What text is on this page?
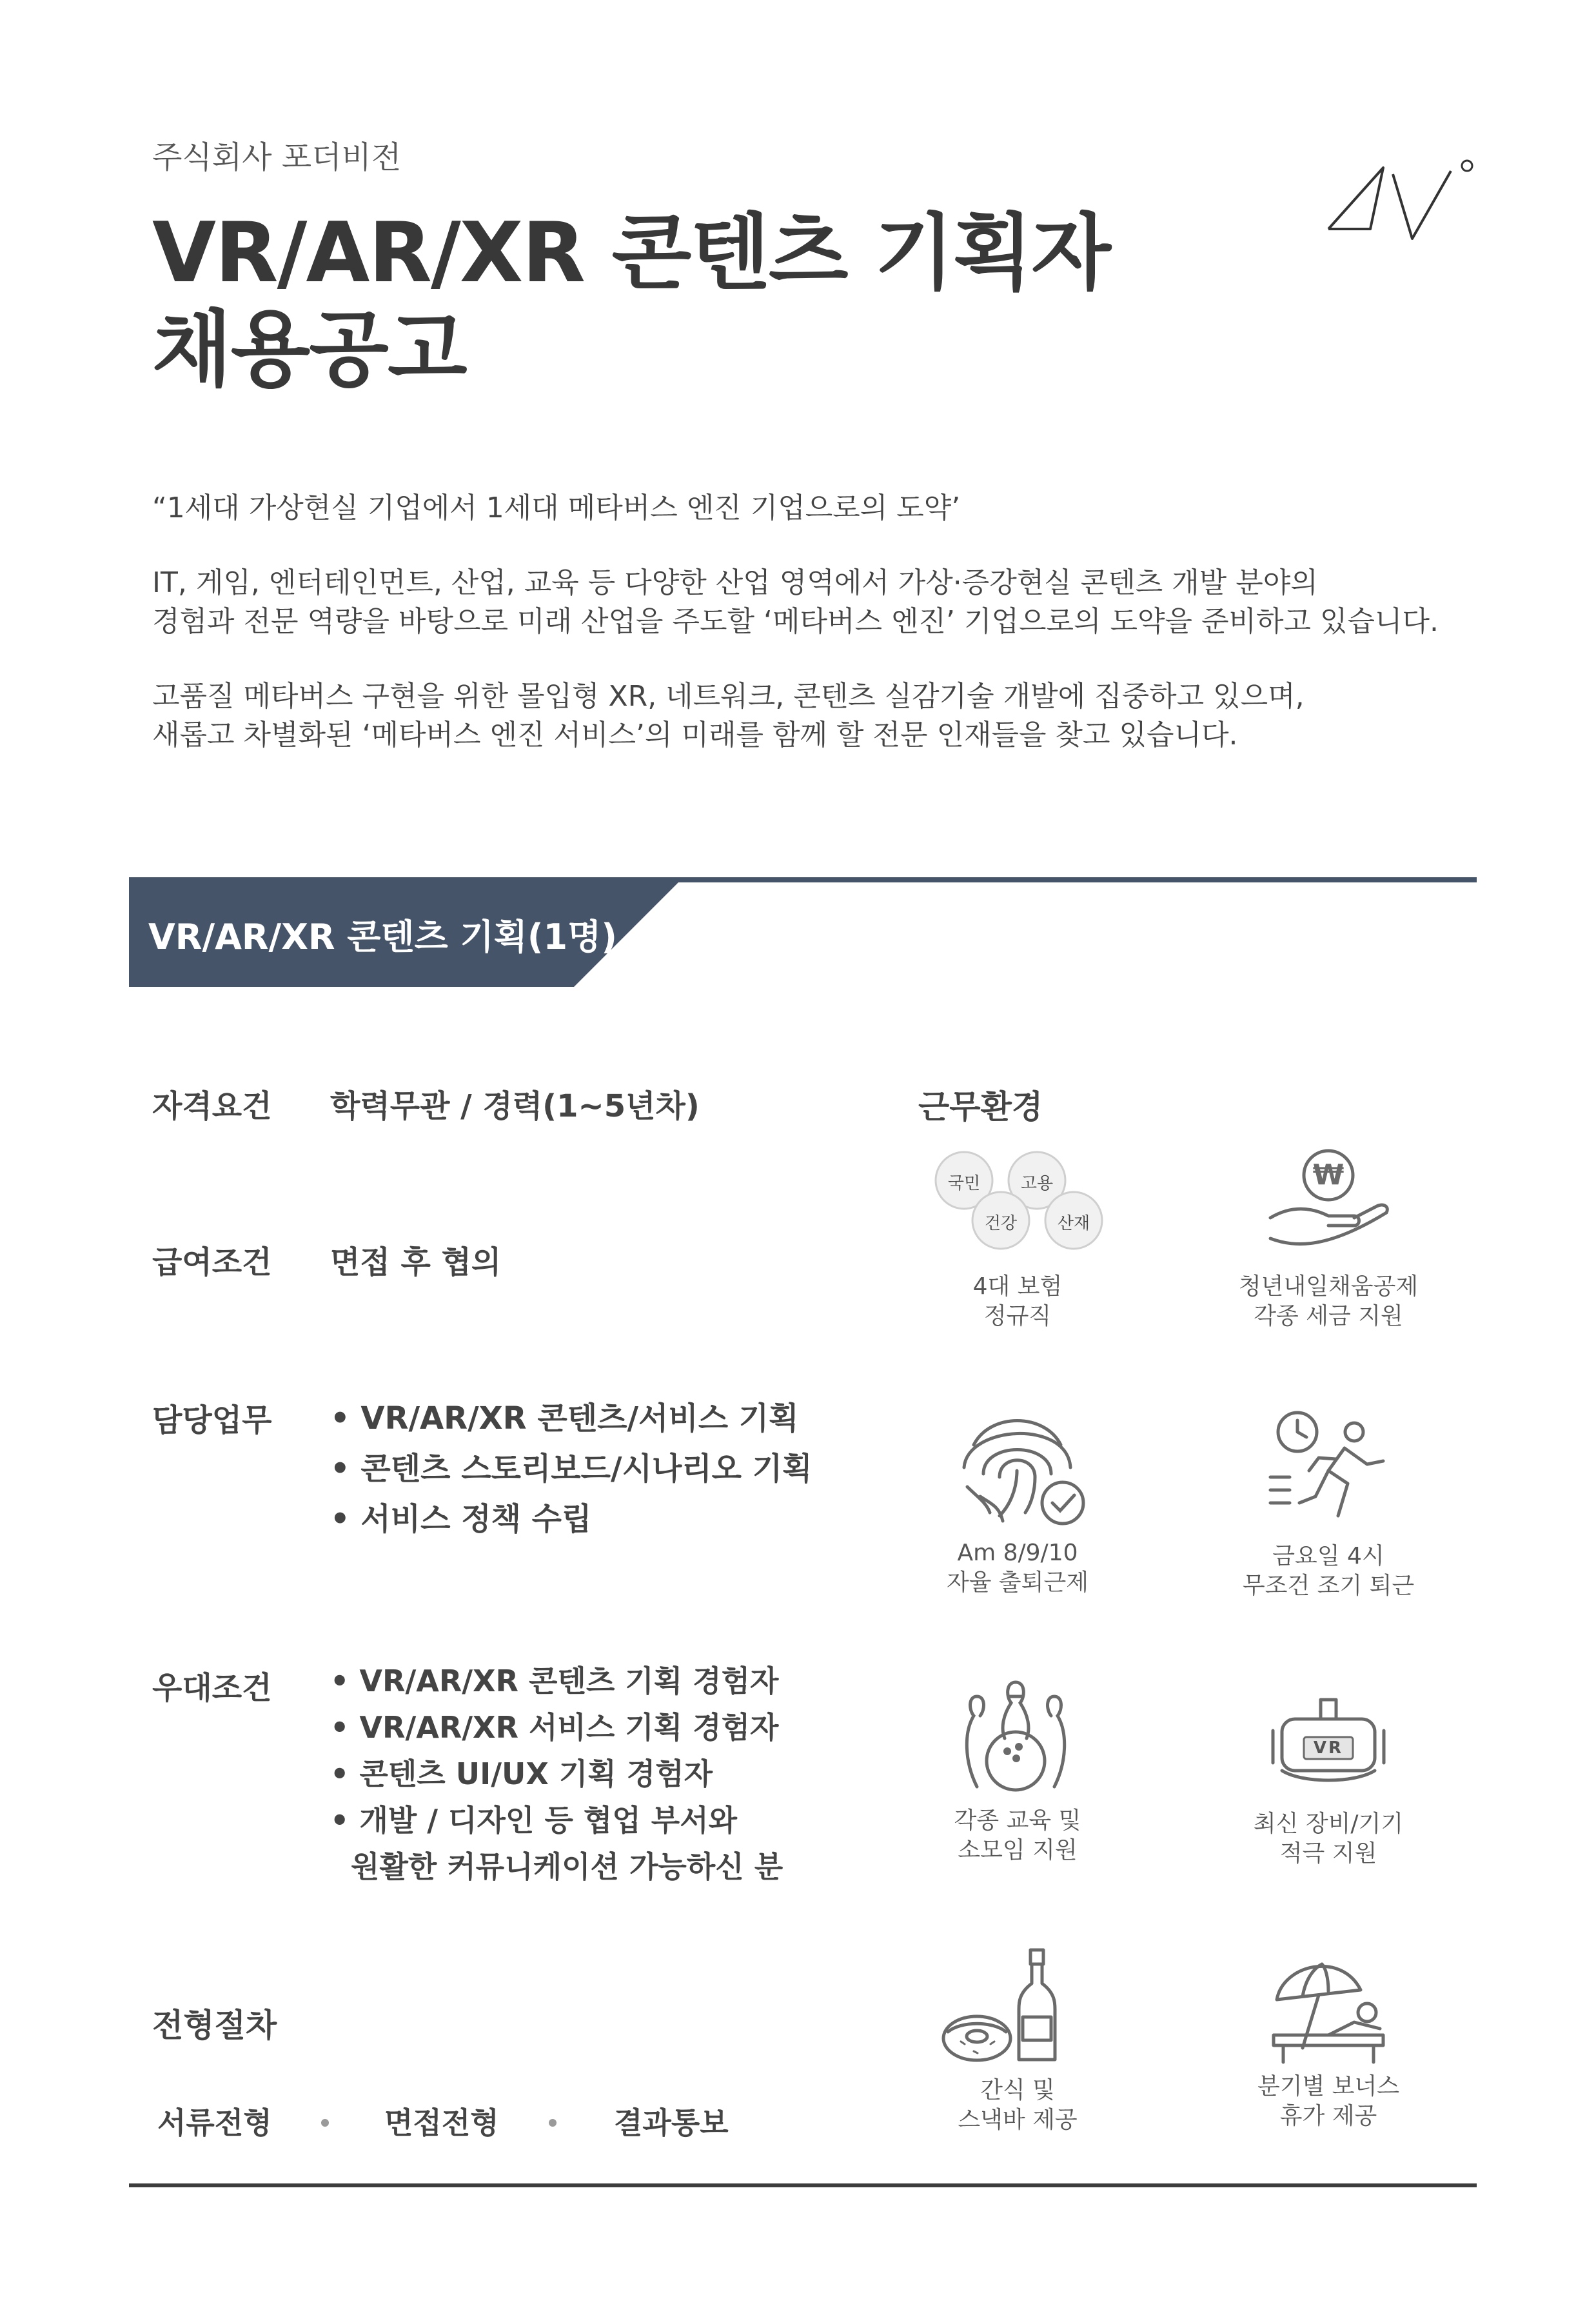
주식회사 포더비전
VR/AR/XR 콘텐츠 기획자
채용공고
“1세대 가상현실 기업에서 1세대 메타버스 엔진 기업으로의 도약’
IT, 게임, 엔터테인먼트, 산업, 교육 등 다양한 산업 영역에서 가상·증강현실 콘텐츠 개발 분야의
경험과 전문 역량을 바탕으로 미래 산업을 주도할 ‘메타버스 엔진’ 기업으로의 도약을 준비하고 있습니다.
고품질 메타버스 구현을 위한 몰입형 XR, 네트워크, 콘텐츠 실감기술 개발에 집중하고 있으며,
새롭고 차별화된 ‘메타버스 엔진 서비스’의 미래를 함께 할 전문 인재들을 찾고 있습니다.
VR/AR/XR 콘텐츠 기획(1명)
자격요건 학력무관 / 경력(1~5년차)
급여조건 면접 후 협의
담당업무 • VR/AR/XR 콘텐츠/서비스 기획
• 콘텐츠 스토리보드/시나리오 기획
• 서비스 정책 수립
우대조건 • VR/AR/XR 콘텐츠 기획 경험자
• VR/AR/XR 서비스 기획 경험자
• 콘텐츠 UI/UX 기획 경험자
• 개발 / 디자인 등 협업 부서와
원활한 커뮤니케이션 가능하신 분
전형절차
서류전형	면접전형	결과통보
근무환경
국민	고용
건강	산재
4대 보험
정규직
₩
청년내일채움공제
각종 세금 지원
Am 8/9/10
자율 출퇴근제
금요일 4시
무조건 조기 퇴근
각종 교육 및
소모임 지원
VR
최신 장비/기기
적극 지원
간식 및
스낵바 제공
분기별 보너스
휴가 제공
